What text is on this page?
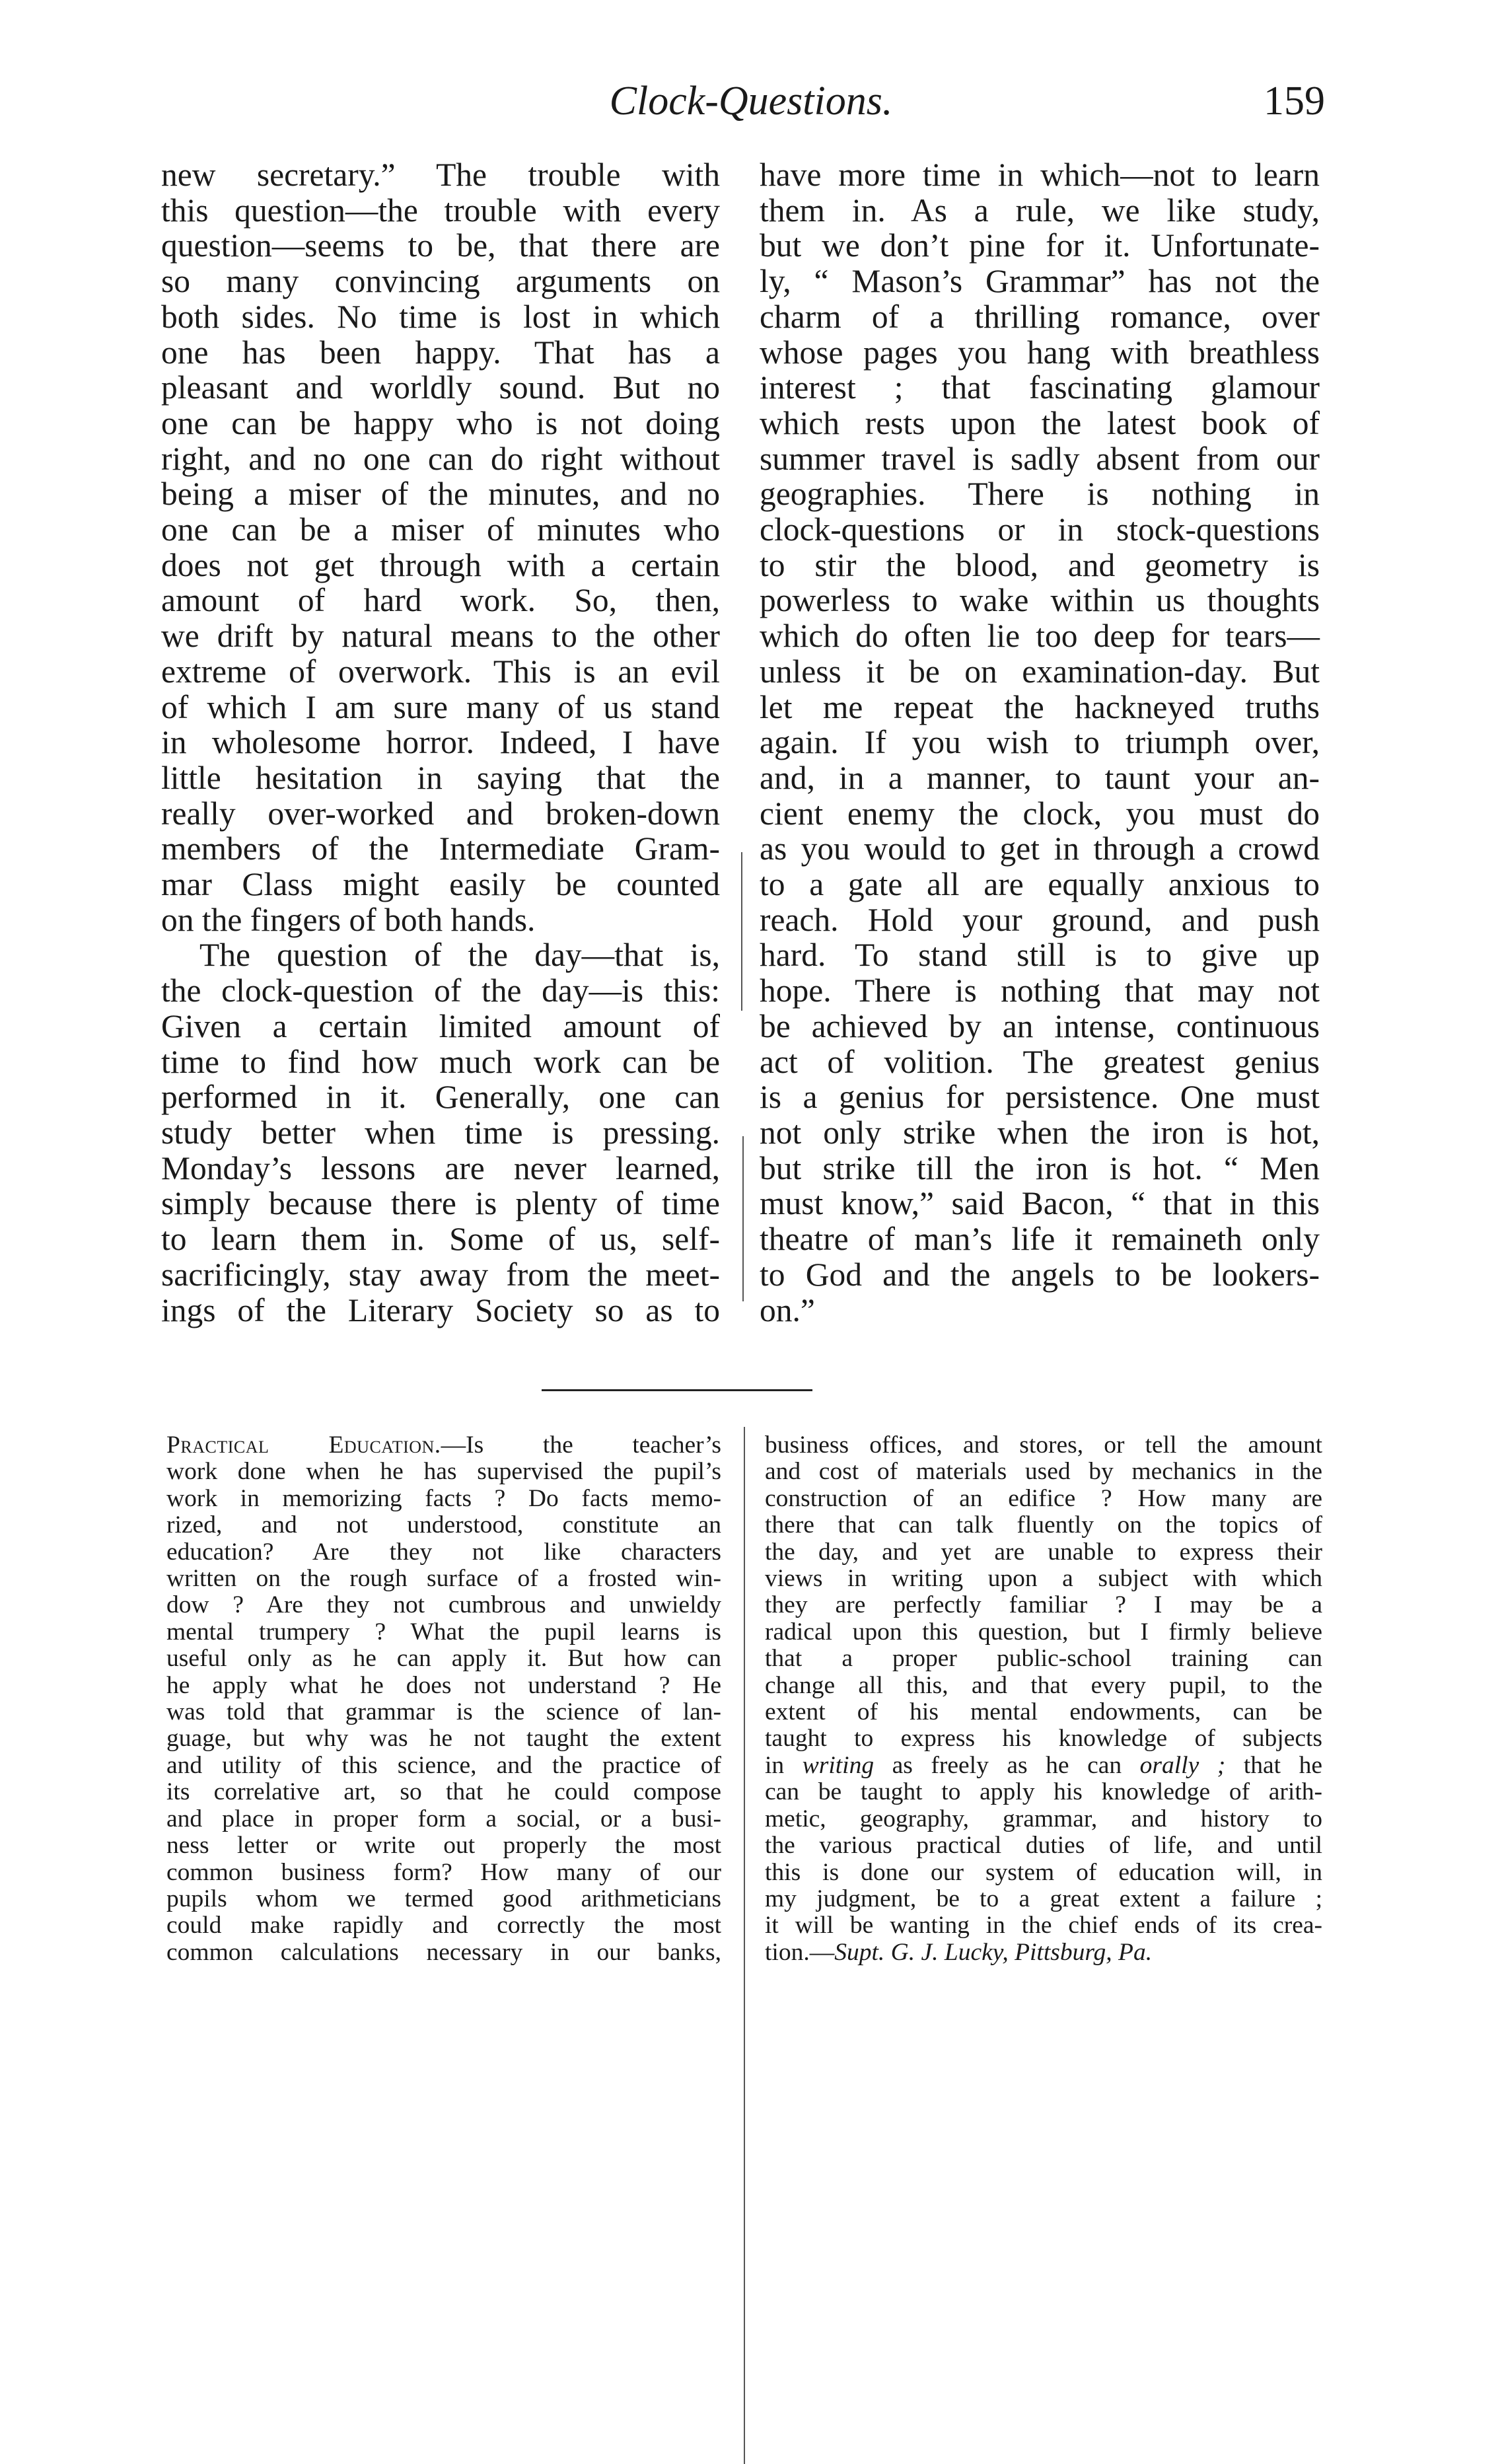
Clock-Questions.	159
new secretary.” The trouble with
this question—the trouble with every
question—seems to be, that there are
so many convincing arguments on
both sides. No time is lost in which
one has been happy. That has a
pleasant and worldly sound. But no
one can be happy who is not doing
right, and no one can do right without
being a miser of the minutes, and no
one can be a miser of minutes who
does not get through with a certain
amount of hard work. So, then,
we drift by natural means to the other
extreme of overwork. This is an evil
of which I am sure many of us stand
in wholesome horror. Indeed, I have
little hesitation in saying that the
really over-worked and broken-down
members of the Intermediate Gram-
mar Class might easily be counted
on the fingers of both hands.
The question of the day—that is,
the clock-question of the day—is this:
Given a certain limited amount of
time to find how much work can be
performed in it. Generally, one can
study better when time is pressing.
Monday’s lessons are never learned,
simply because there is plenty of time
to learn them in. Some of us, self-
sacrificingly, stay away from the meet-
ings of the Literary Society so as to
have more time in which—not to learn
them in. As a rule, we like study,
but we don’t pine for it. Unfortunate-
ly, “ Mason’s Grammar” has not the
charm of a thrilling romance, over
whose pages you hang with breathless
interest ; that fascinating glamour
which rests upon the latest book of
summer travel is sadly absent from our
geographies. There is nothing in
clock-questions or in stock-questions
to stir the blood, and geometry is
powerless to wake within us thoughts
which do often lie too deep for tears—
unless it be on examination-day. But
let me repeat the hackneyed truths
again. If you wish to triumph over,
and, in a manner, to taunt your an-
cient enemy the clock, you must do
as you would to get in through a crowd
to a gate all are equally anxious to
reach. Hold your ground, and push
hard. To stand still is to give up
hope. There is nothing that may not
be achieved by an intense, continuous
act of volition. The greatest genius
is a genius for persistence. One must
not only strike when the iron is hot,
but strike till the iron is hot. “ Men
must know,” said Bacon, “ that in this
theatre of man’s life it remaineth only
to God and the angels to be lookers-
on.”
Practical Education.—Is the teacher’s
work done when he has supervised the pupil’s
work in memorizing facts ? Do facts memo-
rized, and not understood, constitute an
education? Are they not like characters
written on the rough surface of a frosted win-
dow ? Are they not cumbrous and unwieldy
mental trumpery ? What the pupil learns is
useful only as he can apply it. But how can
he apply what he does not understand ? He
was told that grammar is the science of lan-
guage, but why was he not taught the extent
and utility of this science, and the practice of
its correlative art, so that he could compose
and place in proper form a social, or a busi-
ness letter or write out properly the most
common business form? How many of our
pupils whom we termed good arithmeticians
could make rapidly and correctly the most
common calculations necessary in our banks,
business offices, and stores, or tell the amount
and cost of materials used by mechanics in the
construction of an edifice ? How many are
there that can talk fluently on the topics of
the day, and yet are unable to express their
views in writing upon a subject with which
they are perfectly familiar ? I may be a
radical upon this question, but I firmly believe
that a proper public-school training can
change all this, and that every pupil, to the
extent of his mental endowments, can be
taught to express his knowledge of subjects
in writing as freely as he can orally ; that he
can be taught to apply his knowledge of arith-
metic, geography, grammar, and history to
the various practical duties of life, and until
this is done our system of education will, in
my judgment, be to a great extent a failure ;
it will be wanting in the chief ends of its crea-
tion.—Supt. G. J. Lucky, Pittsburg, Pa.
